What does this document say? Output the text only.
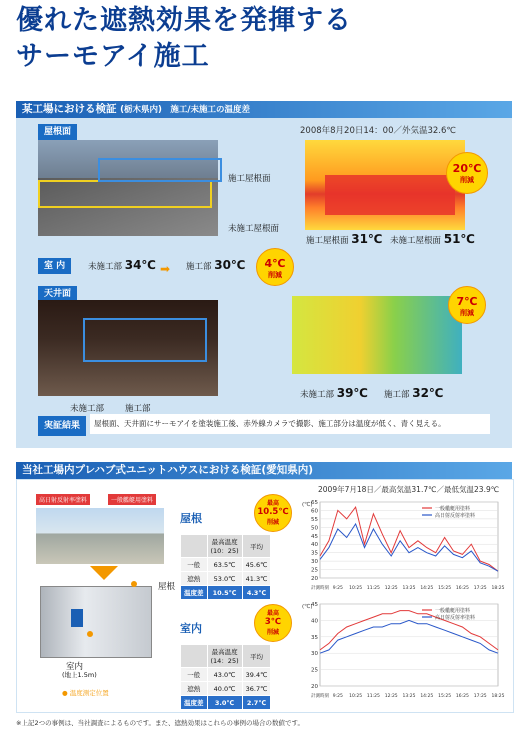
優れた遮熱効果を発揮する
サーモアイ施工
某工場における検証 (栃木県内)　施工/未施工の温度差
屋根面
施工屋根面
未施工屋根面
2008年8月20日14：00／外気温32.6℃
20℃
削減
施工屋根面 31℃ 未施工屋根面 51℃
室 内	未施工部 34℃ ➡ 施工部 30℃	4℃
削減
天井面
未施工部 施工部
7℃
削減
未施工部 39℃ 施工部 32℃
実証結果	屋根面、天井面にサーモアイを塗装施工後、赤外線カメラで撮影、施工部分は温度が低く、青く見える。
当社工場内プレハブ式ユニットハウスにおける検証(愛知県内)
高日射反射率塗料	一般艦艇用塗料
屋根
室内
(地上1.5m)
● 温度測定位置
屋根
最高
10.5℃
削減
	最高温度
(10：25)	平均
一般	63.5℃	45.6℃
遮熱	53.0℃	41.3℃
温度差	10.5℃	4.3℃
室内
最高
3℃
削減
	最高温度
(14：25)	平均
一般	43.0℃	39.4℃
遮熱	40.0℃	36.7℃
温度差	3.0℃	2.7℃
2009年7月18日／最高気温31.7℃／最低気温23.9℃
(℃)
20
25
30
35
40
45
50
55
60
65
計測時刻 9:25 10:25 11:25 12:25 13:25 14:25 15:25 16:25 17:25 18:25
一般艦艇用塗料
高日射反射率塗料
(℃)
20
25
30
35
40
45
計測時刻 9:25 10:25 11:25 12:25 13:25 14:25 15:25 16:25 17:25 18:25
一般艦艇用塗料
高日射反射率塗料
※上記2つの事例は、当社調査によるものです。また、遮熱効果はこれらの事例の場合の数値です。
